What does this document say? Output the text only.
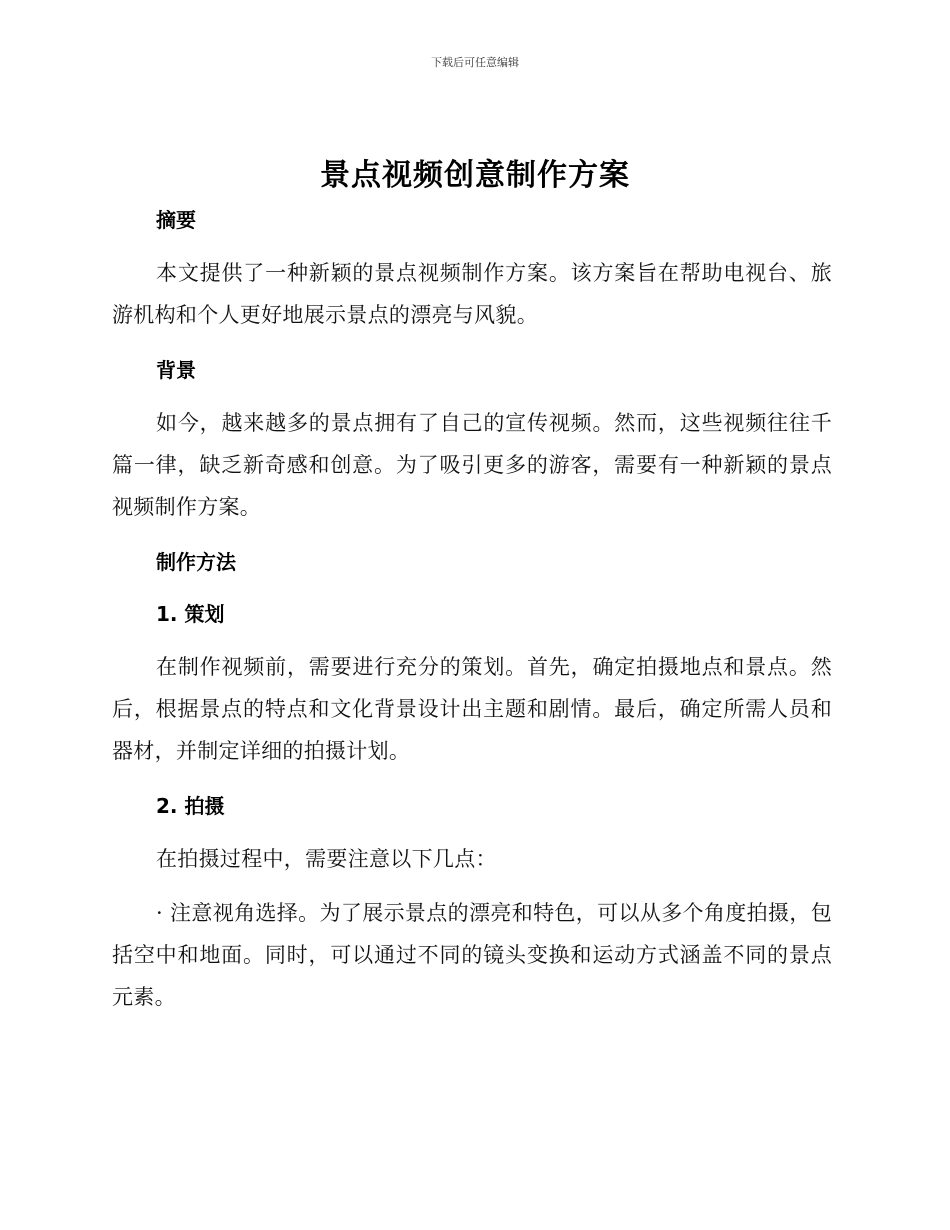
下载后可任意编辑
景点视频创意制作方案
摘要

本文提供了一种新颖的景点视频制作方案。该方案旨在帮助电视台、旅游机构和个人更好地展示景点的漂亮与风貌。

背景

如今，越来越多的景点拥有了自己的宣传视频。然而，这些视频往往千篇一律，缺乏新奇感和创意。为了吸引更多的游客，需要有一种新颖的景点视频制作方案。

制作方法
1. 策划

在制作视频前，需要进行充分的策划。首先，确定拍摄地点和景点。然后，根据景点的特点和文化背景设计出主题和剧情。最后，确定所需人员和器材，并制定详细的拍摄计划。

2. 拍摄

在拍摄过程中，需要注意以下几点：

· 注意视角选择。为了展示景点的漂亮和特色，可以从多个角度拍摄，包括空中和地面。同时，可以通过不同的镜头变换和运动方式涵盖不同的景点元素。
